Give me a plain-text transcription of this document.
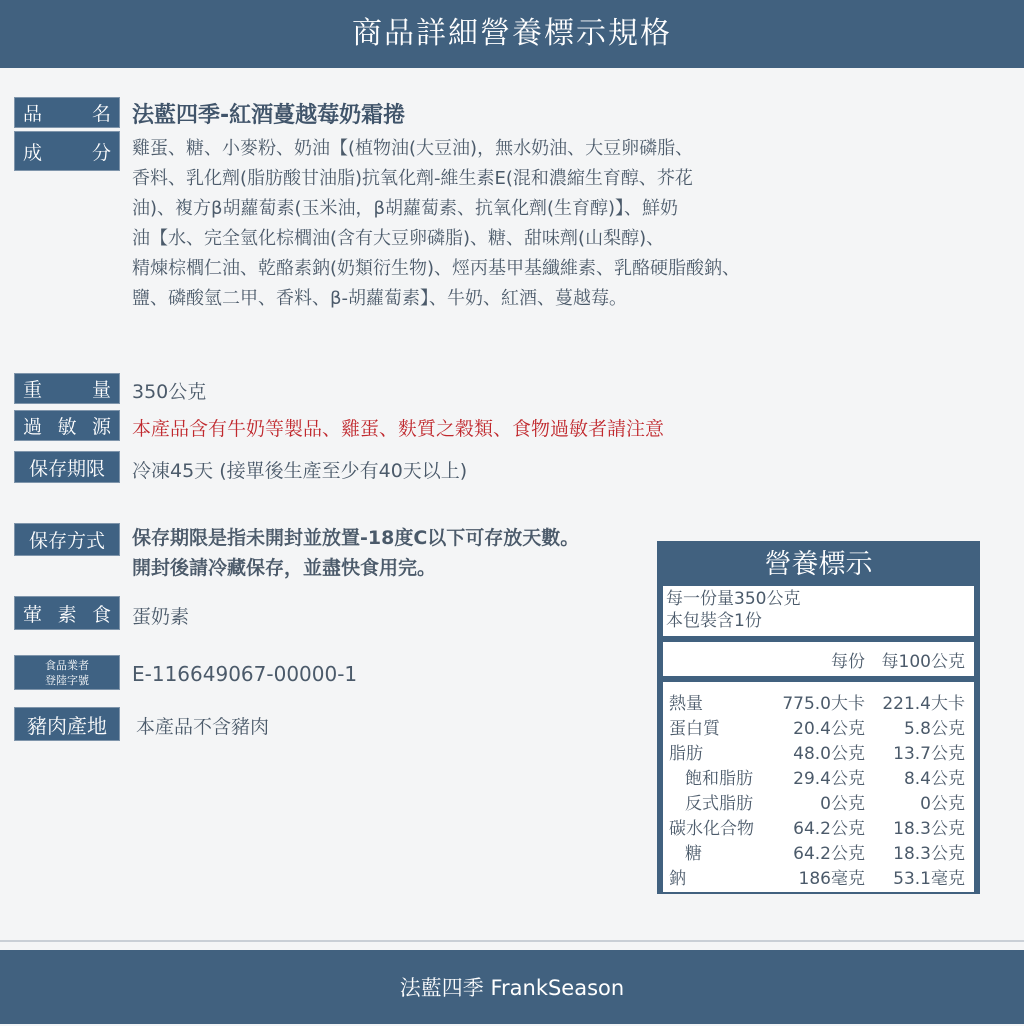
商品詳細營養標示規格
品	名 法藍四季-紅酒蔓越莓奶霜捲
成	分 雞蛋、糖、小麥粉、奶油【(植物油(大豆油)，無水奶油、大豆卵磷脂、
香料、乳化劑(脂肪酸甘油脂)抗氧化劑-維生素E(混和濃縮生育醇、芥花
油)、複方β胡蘿蔔素(玉米油，β胡蘿蔔素、抗氧化劑(生育醇)】、鮮奶
油【水、完全氫化棕櫚油(含有大豆卵磷脂)、糖、甜味劑(山梨醇)、
精煉棕櫚仁油、乾酪素鈉(奶類衍生物)、烴丙基甲基纖維素、乳酪硬脂酸鈉、
鹽、磷酸氫二甲、香料、β-胡蘿蔔素】、牛奶、紅酒、蔓越莓。
重	量 350公克
過 敏 源 本產品含有牛奶等製品、雞蛋、麩質之穀類、食物過敏者請注意
保存期限	冷凍45天 (接單後生產至少有40天以上)
保存方式	保存期限是指未開封並放置-18度C以下可存放天數。
開封後請冷藏保存，並盡快食用完。
葷 素 食 蛋奶素
食品業者
登陸字號 E-116649067-00000-1
豬肉產地	本產品不含豬肉
營養標示
每一份量350公克
本包裝含1份
每份 每100公克
熱量	775.0大卡	221.4大卡
蛋白質	20.4公克	5.8公克
脂肪	48.0公克	13.7公克
飽和脂肪	29.4公克	8.4公克
反式脂肪	0公克	0公克
碳水化合物	64.2公克	18.3公克
糖	64.2公克	18.3公克
鈉	186毫克	53.1毫克
法藍四季 FrankSeason
